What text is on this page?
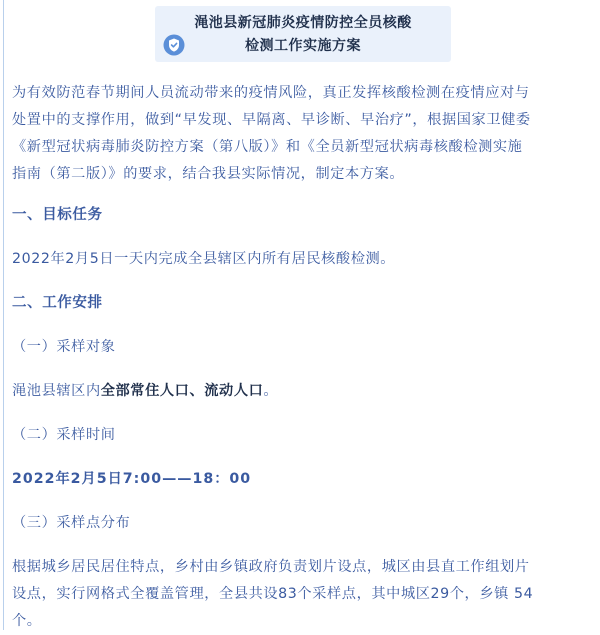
渑池县新冠肺炎疫情防控全员核酸
检测工作实施方案
为有效防范春节期间人员流动带来的疫情风险，真正发挥核酸检测在疫情应对与
处置中的支撑作用，做到“早发现、早隔离、早诊断、早治疗”，根据国家卫健委
《新型冠状病毒肺炎防控方案（第八版）》和《全员新型冠状病毒核酸检测实施
指南（第二版）》的要求，结合我县实际情况，制定本方案。
一、目标任务
2022年2月5日一天内完成全县辖区内所有居民核酸检测。
二、工作安排
（一）采样对象
渑池县辖区内全部常住人口、流动人口。
（二）采样时间
2022年2月5日7:00——18：00
（三）采样点分布
根据城乡居民居住特点，乡村由乡镇政府负责划片设点，城区由县直工作组划片
设点，实行网格式全覆盖管理，全县共设83个采样点，其中城区29个，乡镇 54
个。
